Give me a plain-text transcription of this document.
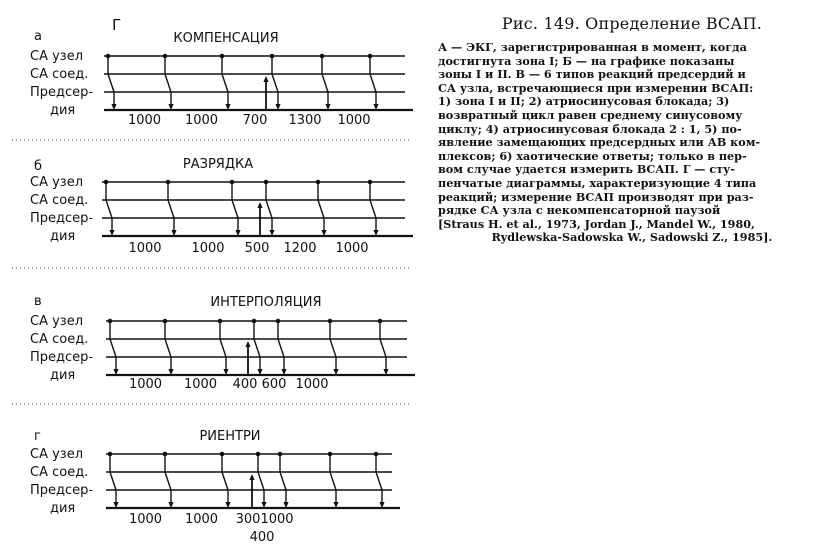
а	КОМПЕНСАЦИЯ
СА узел
СА соед.
Предсер-
дия
1000 1000 700 1300 1000
б	РАЗРЯДКА
СА узел
СА соед.
Предсер-
дия
1000 1000 500 1200 1000
в	ИНТЕРПОЛЯЦИЯ
СА узел
СА соед.
Предсер-
дия
1000 1000 400 600 1000
г	РИЕНТРИ
СА узел
СА соед.
Предсер-
дия
1000 1000 300 1000
400
Г	Рис. 149. Определение ВСАП.
А — ЭКГ, зарегистрированная в момент, когда
достигнута зона I; Б — на графике показаны
зоны I и II. В — 6 типов реакций предсердий и
СА узла, встречающиеся при измерении ВСАП:
1) зона I и II; 2) атриосинусовая блокада; 3)
возвратный цикл равен среднему синусовому
циклу; 4) атриосинусовая блокада 2 : 1, 5) по-
явление замещающих предсердных или АВ ком-
плексов; 6) хаотические ответы; только в пер-
вом случае удается измерить ВСАП. Г — сту-
пенчатые диаграммы, характеризующие 4 типа
реакций; измерение ВСАП производят при раз-
рядке СА узла с некомпенсаторной паузой
[Straus H. et al., 1973, Jordan J., Mandel W., 1980,
Rydlewska-Sadowska W., Sadowski Z., 1985].
